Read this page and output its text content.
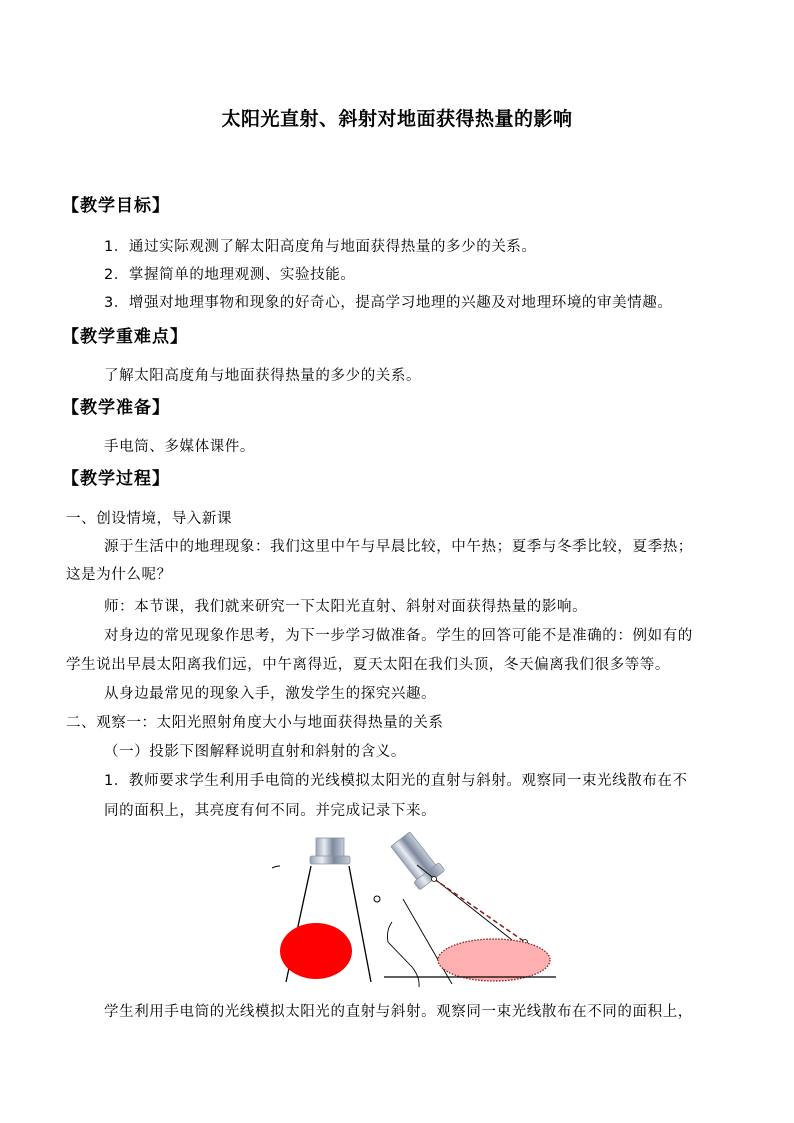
太阳光直射、斜射对地面获得热量的影响
【教学目标】
1．通过实际观测了解太阳高度角与地面获得热量的多少的关系。
2．掌握简单的地理观测、实验技能。
3．增强对地理事物和现象的好奇心，提高学习地理的兴趣及对地理环境的审美情趣。
【教学重难点】
了解太阳高度角与地面获得热量的多少的关系。
【教学准备】
手电筒、多媒体课件。
【教学过程】
一、创设情境，导入新课
源于生活中的地理现象：我们这里中午与早晨比较，中午热；夏季与冬季比较，夏季热；
这是为什么呢？
师：本节课，我们就来研究一下太阳光直射、斜射对面获得热量的影响。
对身边的常见现象作思考，为下一步学习做准备。学生的回答可能不是准确的：例如有的
学生说出早晨太阳离我们远，中午离得近，夏天太阳在我们头顶，冬天偏离我们很多等等。
从身边最常见的现象入手，激发学生的探究兴趣。
二、观察一：太阳光照射角度大小与地面获得热量的关系
（一）投影下图解释说明直射和斜射的含义。
1．教师要求学生利用手电筒的光线模拟太阳光的直射与斜射。观察同一束光线散布在不
同的面积上，其亮度有何不同。并完成记录下来。
学生利用手电筒的光线模拟太阳光的直射与斜射。观察同一束光线散布在不同的面积上，
